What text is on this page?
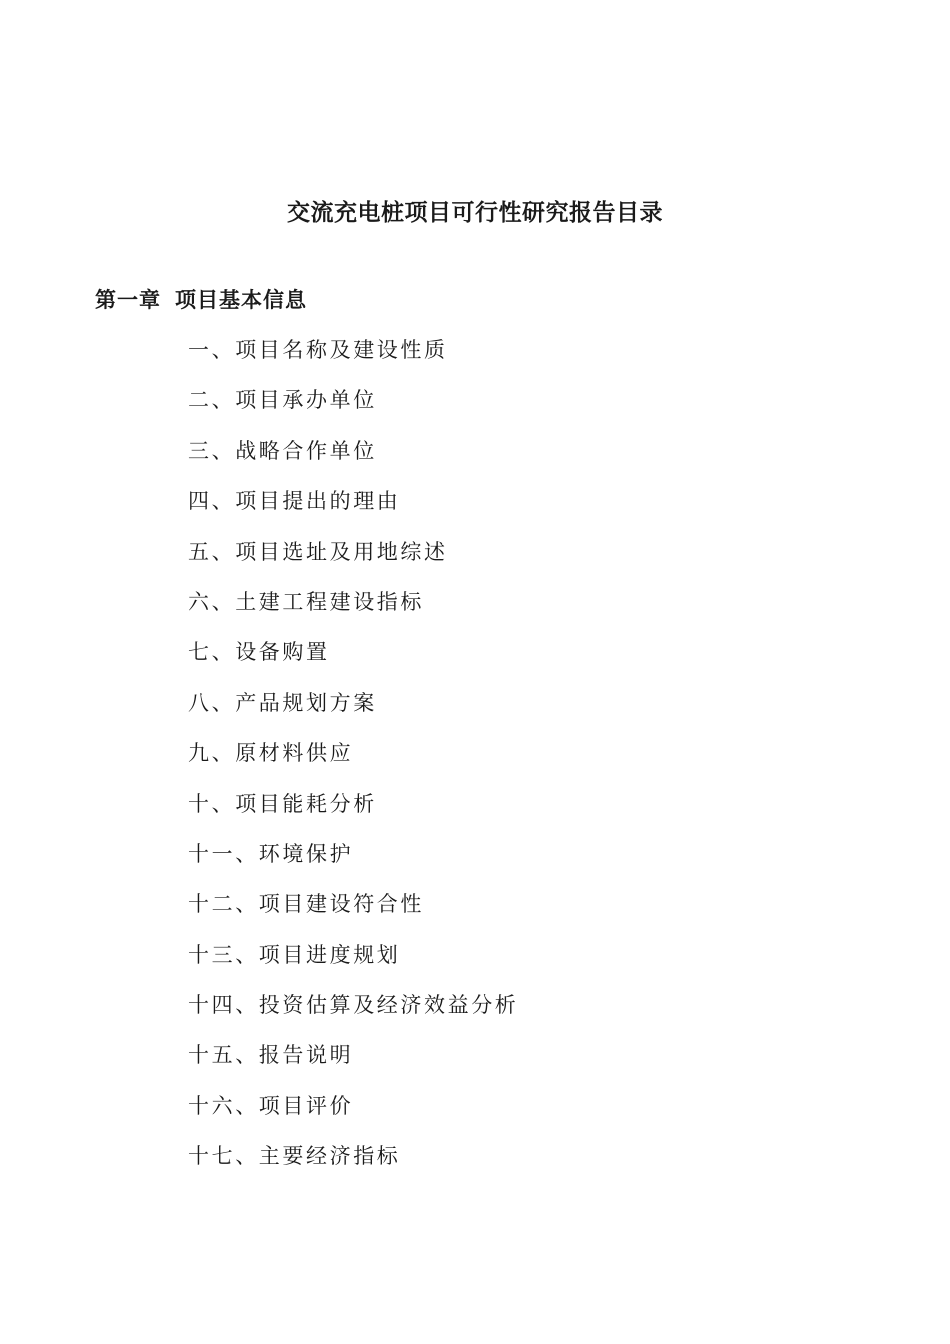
交流充电桩项目可行性研究报告目录
第一章 项目基本信息
一、项目名称及建设性质
二、项目承办单位
三、战略合作单位
四、项目提出的理由
五、项目选址及用地综述
六、土建工程建设指标
七、设备购置
八、产品规划方案
九、原材料供应
十、项目能耗分析
十一、环境保护
十二、项目建设符合性
十三、项目进度规划
十四、投资估算及经济效益分析
十五、报告说明
十六、项目评价
十七、主要经济指标
